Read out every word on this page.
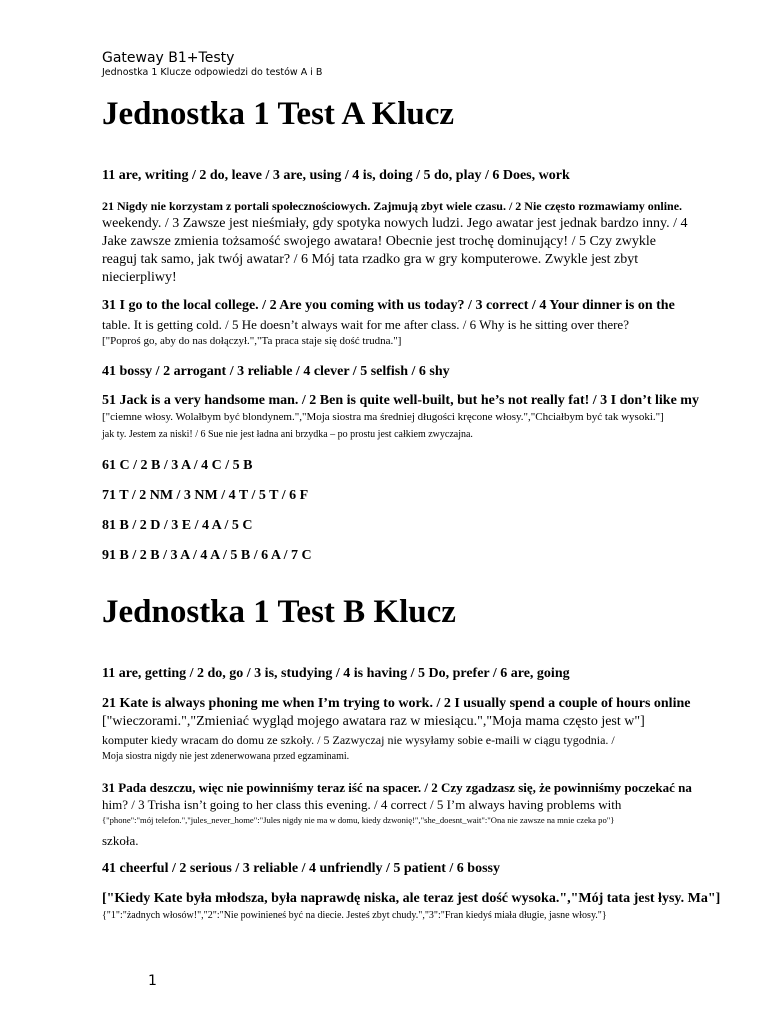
Gateway B1+Testy
Jednostka 1 Klucze odpowiedzi do testów A i B
Jednostka 1 Test A Klucz
11 are, writing / 2 do, leave / 3 are, using / 4 is, doing / 5 do, play / 6 Does, work
21 Nigdy nie korzystam z portali społecznościowych. Zajmują zbyt wiele czasu. / 2 Nie często rozmawiamy online.
weekendy. / 3 Zawsze jest nieśmiały, gdy spotyka nowych ludzi. Jego awatar jest jednak bardzo inny. / 4
Jake zawsze zmienia tożsamość swojego awatara! Obecnie jest trochę dominujący! / 5 Czy zwykle
reaguj tak samo, jak twój awatar? / 6 Mój tata rzadko gra w gry komputerowe. Zwykle jest zbyt
niecierpliwy!
31 I go to the local college. / 2 Are you coming with us today? / 3 correct / 4 Your dinner is on the
table. It is getting cold. / 5 He doesn’t always wait for me after class. / 6 Why is he sitting over there?
["Poproś go, aby do nas dołączył.","Ta praca staje się dość trudna."]
41 bossy / 2 arrogant / 3 reliable / 4 clever / 5 selfish / 6 shy
51 Jack is a very handsome man. / 2 Ben is quite well-built, but he’s not really fat! / 3 I don’t like my
["ciemne włosy. Wolałbym być blondynem.","Moja siostra ma średniej długości kręcone włosy.","Chciałbym być tak wysoki."]
jak ty. Jestem za niski! / 6 Sue nie jest ładna ani brzydka – po prostu jest całkiem zwyczajna.
61 C / 2 B / 3 A / 4 C / 5 B
71 T / 2 NM / 3 NM / 4 T / 5 T / 6 F
81 B / 2 D / 3 E / 4 A / 5 C
91 B / 2 B / 3 A / 4 A / 5 B / 6 A / 7 C
Jednostka 1 Test B Klucz
11 are, getting / 2 do, go / 3 is, studying / 4 is having / 5 Do, prefer / 6 are, going
21 Kate is always phoning me when I’m trying to work. / 2 I usually spend a couple of hours online
["wieczorami.","Zmieniać wygląd mojego awatara raz w miesiącu.","Moja mama często jest w"]
komputer kiedy wracam do domu ze szkoły. / 5 Zazwyczaj nie wysyłamy sobie e-maili w ciągu tygodnia. /
Moja siostra nigdy nie jest zdenerwowana przed egzaminami.
31 Pada deszczu, więc nie powinniśmy teraz iść na spacer. / 2 Czy zgadzasz się, że powinniśmy poczekać na
him? / 3 Trisha isn’t going to her class this evening. / 4 correct / 5 I’m always having problems with
{"phone":"mój telefon.","jules_never_home":"Jules nigdy nie ma w domu, kiedy dzwonię!","she_doesnt_wait":"Ona nie zawsze na mnie czeka po"}
szkoła.
41 cheerful / 2 serious / 3 reliable / 4 unfriendly / 5 patient / 6 bossy
["Kiedy Kate była młodsza, była naprawdę niska, ale teraz jest dość wysoka.","Mój tata jest łysy. Ma"]
{"1":"żadnych włosów!","2":"Nie powinieneś być na diecie. Jesteś zbyt chudy.","3":"Fran kiedyś miała długie, jasne włosy."}
1
